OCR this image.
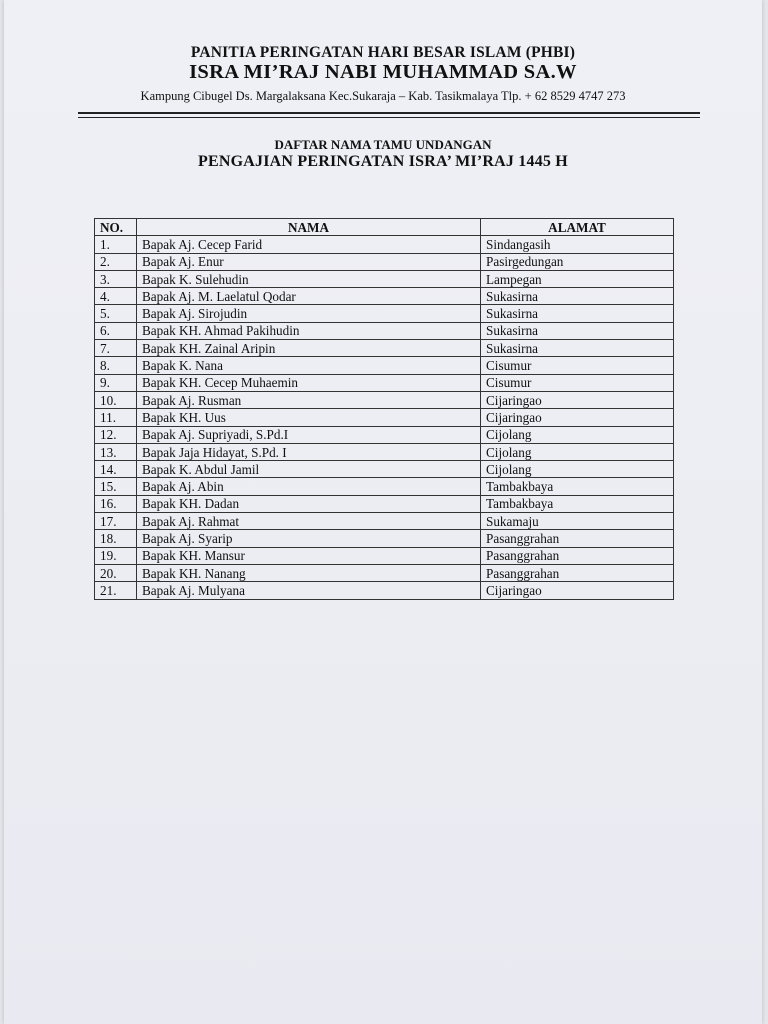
PANITIA PERINGATAN HARI BESAR ISLAM (PHBI)
ISRA MI’RAJ NABI MUHAMMAD SA.W
Kampung Cibugel Ds. Margalaksana Kec.Sukaraja – Kab. Tasikmalaya Tlp. + 62 8529 4747 273
DAFTAR NAMA TAMU UNDANGAN
PENGAJIAN PERINGATAN ISRA’ MI’RAJ 1445 H
NO.	NAMA	ALAMAT
1.	Bapak Aj. Cecep Farid	Sindangasih
2.	Bapak Aj. Enur	Pasirgedungan
3.	Bapak K. Sulehudin	Lampegan
4.	Bapak Aj. M. Laelatul Qodar	Sukasirna
5.	Bapak Aj. Sirojudin	Sukasirna
6.	Bapak KH. Ahmad Pakihudin	Sukasirna
7.	Bapak KH. Zainal Aripin	Sukasirna
8.	Bapak K. Nana	Cisumur
9.	Bapak KH. Cecep Muhaemin	Cisumur
10.	Bapak Aj. Rusman	Cijaringao
11.	Bapak KH. Uus	Cijaringao
12.	Bapak Aj. Supriyadi, S.Pd.I	Cijolang
13.	Bapak Jaja Hidayat, S.Pd. I	Cijolang
14.	Bapak K. Abdul Jamil	Cijolang
15.	Bapak Aj. Abin	Tambakbaya
16.	Bapak KH. Dadan	Tambakbaya
17.	Bapak Aj. Rahmat	Sukamaju
18.	Bapak Aj. Syarip	Pasanggrahan
19.	Bapak KH. Mansur	Pasanggrahan
20.	Bapak KH. Nanang	Pasanggrahan
21.	Bapak Aj. Mulyana	Cijaringao
